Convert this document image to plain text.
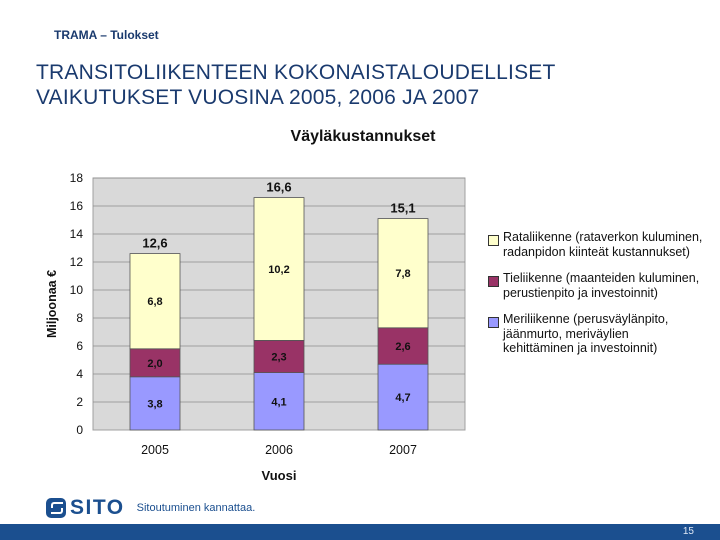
TRAMA – Tulokset
TRANSITOLIIKENTEEN KOKONAISTALOUDELLISET VAIKUTUKSET VUOSINA 2005, 2006 JA 2007
Väyläkustannukset
0
2
4
6
8
10
12
14
16
18
Miljoonaa €
3,8
2,0
6,8
12,6
2005
4,1
2,3
10,2
16,6
2006
4,7
2,6
7,8
15,1
2007
Vuosi
Rataliikenne (rataverkon kuluminen, radanpidon kiinteät kustannukset)
Tieliikenne (maanteiden kuluminen, perustienpito ja investoinnit)
Meriliikenne (perusväylänpito, jäänmurto, meriväylien kehittäminen ja investoinnit)
SITO Sitoutuminen kannattaa.
15
